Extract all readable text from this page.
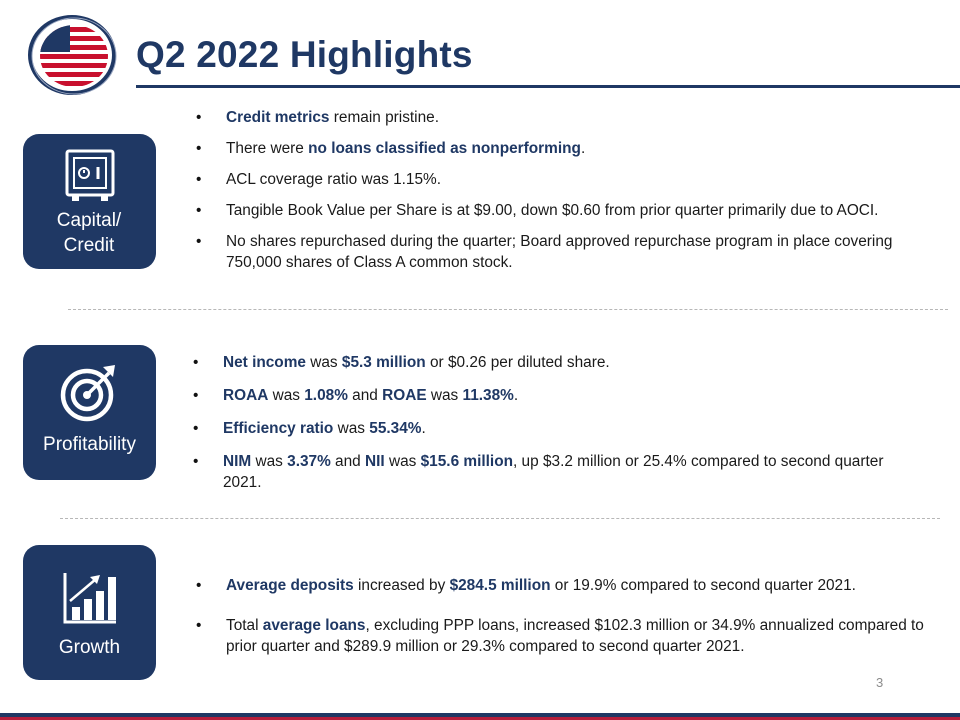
Q2 2022 Highlights
Capital/ Credit
• Credit metrics remain pristine.
• There were no loans classified as nonperforming.
• ACL coverage ratio was 1.15%.
• Tangible Book Value per Share is at $9.00, down $0.60 from prior quarter primarily due to AOCI.
• No shares repurchased during the quarter; Board approved repurchase program in place covering 750,000 shares of Class A common stock.
Profitability
• Net income was $5.3 million or $0.26 per diluted share.
• ROAA was 1.08% and ROAE was 11.38%.
• Efficiency ratio was 55.34%.
• NIM was 3.37% and NII was $15.6 million, up $3.2 million or 25.4% compared to second quarter 2021.
Growth
• Average deposits increased by $284.5 million or 19.9% compared to second quarter 2021.
• Total average loans, excluding PPP loans, increased $102.3 million or 34.9% annualized compared to prior quarter and $289.9 million or 29.3% compared to second quarter 2021.
3
